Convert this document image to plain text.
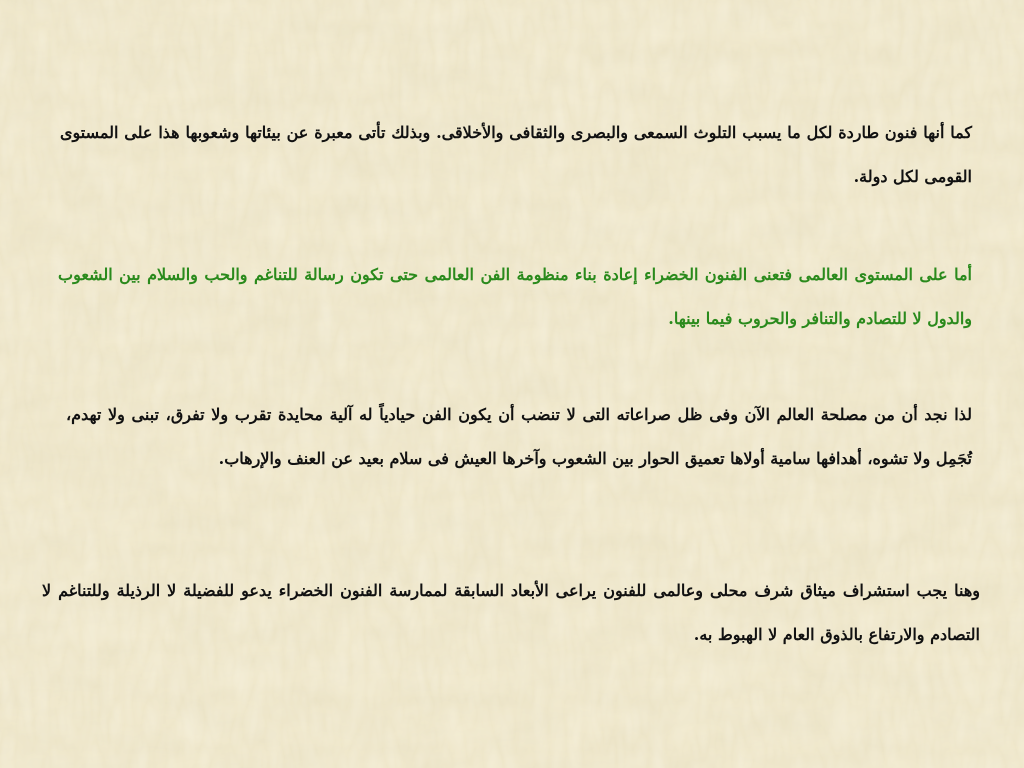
كما أنها فنون طاردة لكل ما يسبب التلوث السمعى والبصرى والثقافى والأخلاقى. وبذلك تأتى معبرة عن بيئاتها وشعوبها هذا على المستوى القومى لكل دولة.

أما على المستوى العالمى فتعنى الفنون الخضراء إعادة بناء منظومة الفن العالمى حتى تكون رسالة للتناغم والحب والسلام بين الشعوب والدول لا للتصادم والتنافر والحروب فيما بينها.

لذا نجد أن من مصلحة العالم الآن وفى ظل صراعاته التى لا تنضب أن يكون الفن حيادياً له آلية محايدة تقرب ولا تفرق، تبنى ولا تهدم، تُجَمِل ولا تشوه، أهدافها سامية أولاها تعميق الحوار بين الشعوب وآخرها العيش فى سلام بعيد عن العنف والإرهاب.

وهنا يجب استشراف ميثاق شرف محلى وعالمى للفنون يراعى الأبعاد السابقة لممارسة الفنون الخضراء يدعو للفضيلة لا الرذيلة وللتناغم لا التصادم والارتفاع بالذوق العام لا الهبوط به.
